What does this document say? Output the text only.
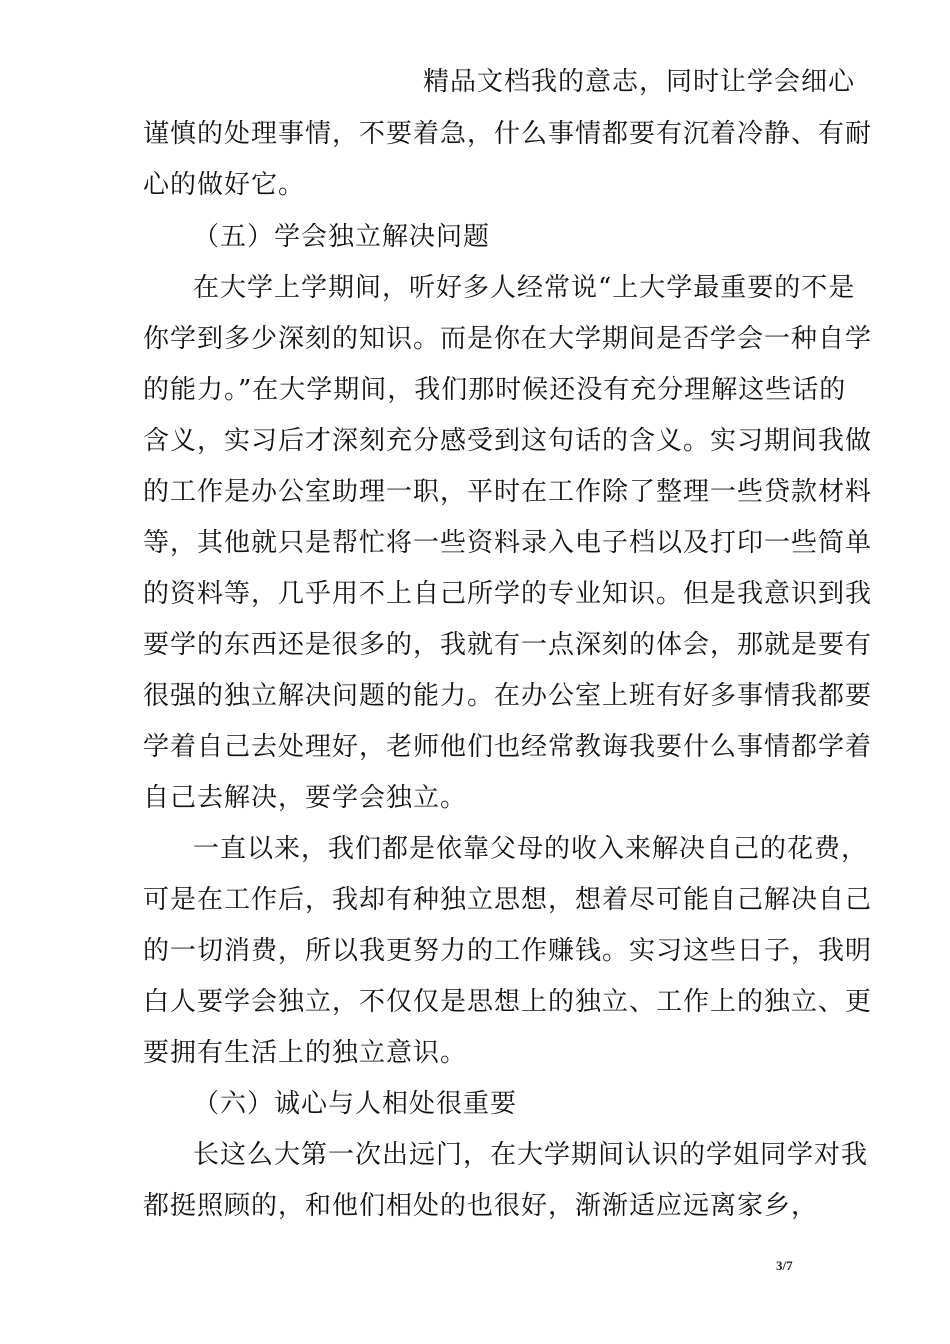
精品文档我的意志，同时让学会细心
谨慎的处理事情，不要着急，什么事情都要有沉着冷静、有耐
心的做好它。
（五）学会独立解决问题
在大学上学期间，听好多人经常说“上大学最重要的不是
你学到多少深刻的知识。而是你在大学期间是否学会一种自学
的能力。”在大学期间，我们那时候还没有充分理解这些话的
含义，实习后才深刻充分感受到这句话的含义。实习期间我做
的工作是办公室助理一职，平时在工作除了整理一些贷款材料
等，其他就只是帮忙将一些资料录入电子档以及打印一些简单
的资料等，几乎用不上自己所学的专业知识。但是我意识到我
要学的东西还是很多的，我就有一点深刻的体会，那就是要有
很强的独立解决问题的能力。在办公室上班有好多事情我都要
学着自己去处理好，老师他们也经常教诲我要什么事情都学着
自己去解决，要学会独立。
一直以来，我们都是依靠父母的收入来解决自己的花费，
可是在工作后，我却有种独立思想，想着尽可能自己解决自己
的一切消费，所以我更努力的工作赚钱。实习这些日子，我明
白人要学会独立，不仅仅是思想上的独立、工作上的独立、更
要拥有生活上的独立意识。
（六）诚心与人相处很重要
长这么大第一次出远门，在大学期间认识的学姐同学对我
都挺照顾的，和他们相处的也很好，渐渐适应远离家乡，
3/7
